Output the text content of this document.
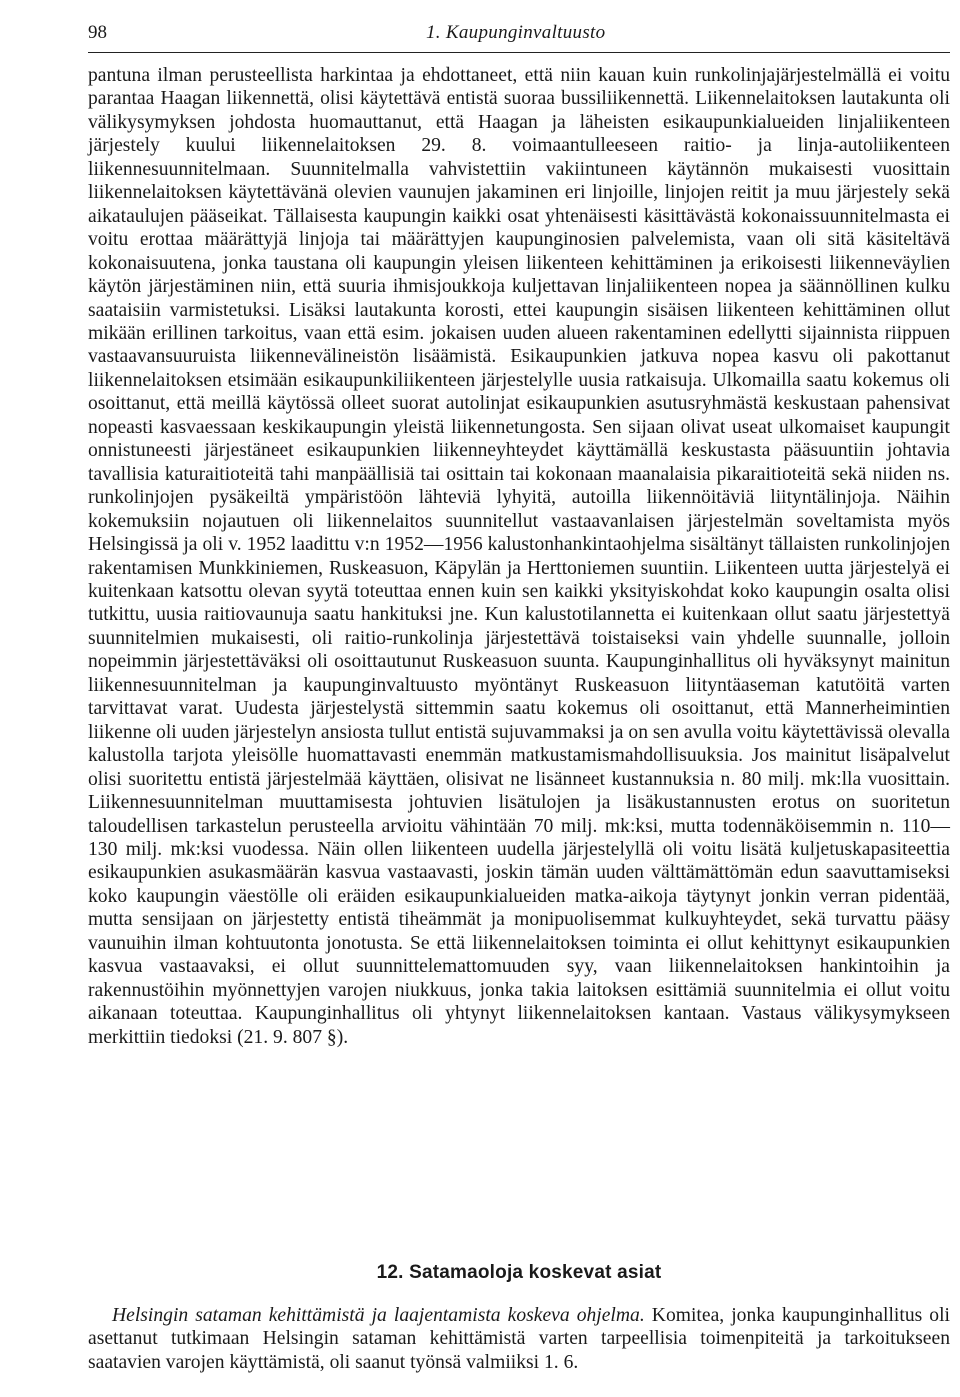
98	1. Kaupunginvaltuusto

pantuna ilman perusteellista harkintaa ja ehdottaneet, että niin kauan kuin runkolinjajärjestelmällä ei voitu parantaa Haagan liikennettä, olisi käytettävä entistä suoraa bussiliikennettä. Liikennelaitoksen lautakunta oli välikysymyksen johdosta huomauttanut, että Haagan ja läheisten esikaupunkialueiden linjaliikenteen järjestely kuului liikennelaitoksen 29. 8. voimaantulleeseen raitio- ja linja-autoliikenteen liikennesuunnitelmaan. Suunnitelmalla vahvistettiin vakiintuneen käytännön mukaisesti vuosittain liikennelaitoksen käytettävänä olevien vaunujen jakaminen eri linjoille, linjojen reitit ja muu järjestely sekä aikataulujen pääseikat. Tällaisesta kaupungin kaikki osat yhtenäisesti käsittävästä kokonaissuunnitelmasta ei voitu erottaa määrättyjä linjoja tai määrättyjen kaupunginosien palvelemista, vaan oli sitä käsiteltävä kokonaisuutena, jonka taustana oli kaupungin yleisen liikenteen kehittäminen ja erikoisesti liikenneväylien käytön järjestäminen niin, että suuria ihmisjoukkoja kuljettavan linjaliikenteen nopea ja säännöllinen kulku saataisiin varmistetuksi. Lisäksi lautakunta korosti, ettei kaupungin sisäisen liikenteen kehittäminen ollut mikään erillinen tarkoitus, vaan että esim. jokaisen uuden alueen rakentaminen edellytti sijainnista riippuen vastaavansuuruista liikennevälineistön lisäämistä. Esikaupunkien jatkuva nopea kasvu oli pakottanut liikennelaitoksen etsimään esikaupunkiliikenteen järjestelylle uusia ratkaisuja. Ulkomailla saatu kokemus oli osoittanut, että meillä käytössä olleet suorat autolinjat esikaupunkien asutusryhmästä keskustaan pahensivat nopeasti kasvaessaan keskikaupungin yleistä liikennetungosta. Sen sijaan olivat useat ulkomaiset kaupungit onnistuneesti järjestäneet esikaupunkien liikenneyhteydet käyttämällä keskustasta pääsuuntiin johtavia tavallisia katuraitioteitä tahi manpäällisiä tai osittain tai kokonaan maanalaisia pikaraitioteitä sekä niiden ns. runkolinjojen pysäkeiltä ympäristöön lähteviä lyhyitä, autoilla liikennöitäviä liityntälinjoja. Näihin kokemuksiin nojautuen oli liikennelaitos suunnitellut vastaavanlaisen järjestelmän soveltamista myös Helsingissä ja oli v. 1952 laadittu v:n 1952—1956 kalustonhankintaohjelma sisältänyt tällaisten runkolinjojen rakentamisen Munkkiniemen, Ruskeasuon, Käpylän ja Herttoniemen suuntiin. Liikenteen uutta järjestelyä ei kuitenkaan katsottu olevan syytä toteuttaa ennen kuin sen kaikki yksityiskohdat koko kaupungin osalta olisi tutkittu, uusia raitiovaunuja saatu hankituksi jne. Kun kalustotilannetta ei kuitenkaan ollut saatu järjestettyä suunnitelmien mukaisesti, oli raitio-runkolinja järjestettävä toistaiseksi vain yhdelle suunnalle, jolloin nopeimmin järjestettäväksi oli osoittautunut Ruskeasuon suunta. Kaupunginhallitus oli hyväksynyt mainitun liikennesuunnitelman ja kaupunginvaltuusto myöntänyt Ruskeasuon liityntäaseman katutöitä varten tarvittavat varat. Uudesta järjestelystä sittemmin saatu kokemus oli osoittanut, että Mannerheimintien liikenne oli uuden järjestelyn ansiosta tullut entistä sujuvammaksi ja on sen avulla voitu käytettävissä olevalla kalustolla tarjota yleisölle huomattavasti enemmän matkustamismahdollisuuksia. Jos mainitut lisäpalvelut olisi suoritettu entistä järjestelmää käyttäen, olisivat ne lisänneet kustannuksia n. 80 milj. mk:lla vuosittain. Liikennesuunnitelman muuttamisesta johtuvien lisätulojen ja lisäkustannusten erotus on suoritetun taloudellisen tarkastelun perusteella arvioitu vähintään 70 milj. mk:ksi, mutta todennäköisemmin n. 110—130 milj. mk:ksi vuodessa. Näin ollen liikenteen uudella järjestelyllä oli voitu lisätä kuljetuskapasiteettia esikaupunkien asukasmäärän kasvua vastaavasti, joskin tämän uuden välttämättömän edun saavuttamiseksi koko kaupungin väestölle oli eräiden esikaupunkialueiden matka-aikoja täytynyt jonkin verran pidentää, mutta sensijaan on järjestetty entistä tiheämmät ja monipuolisemmat kulkuyhteydet, sekä turvattu pääsy vaunuihin ilman kohtuutonta jonotusta. Se että liikennelaitoksen toiminta ei ollut kehittynyt esikaupunkien kasvua vastaavaksi, ei ollut suunnittelemattomuuden syy, vaan liikennelaitoksen hankintoihin ja rakennustöihin myönnettyjen varojen niukkuus, jonka takia laitoksen esittämiä suunnitelmia ei ollut voitu aikanaan toteuttaa. Kaupunginhallitus oli yhtynyt liikennelaitoksen kantaan. Vastaus välikysymykseen merkittiin tiedoksi (21. 9. 807 §).

12. Satamaoloja koskevat asiat

Helsingin sataman kehittämistä ja laajentamista koskeva ohjelma. Komitea, jonka kaupunginhallitus oli asettanut tutkimaan Helsingin sataman kehittämistä varten tarpeellisia toimenpiteitä ja tarkoitukseen saatavien varojen käyttämistä, oli saanut työnsä valmiiksi 1. 6.
